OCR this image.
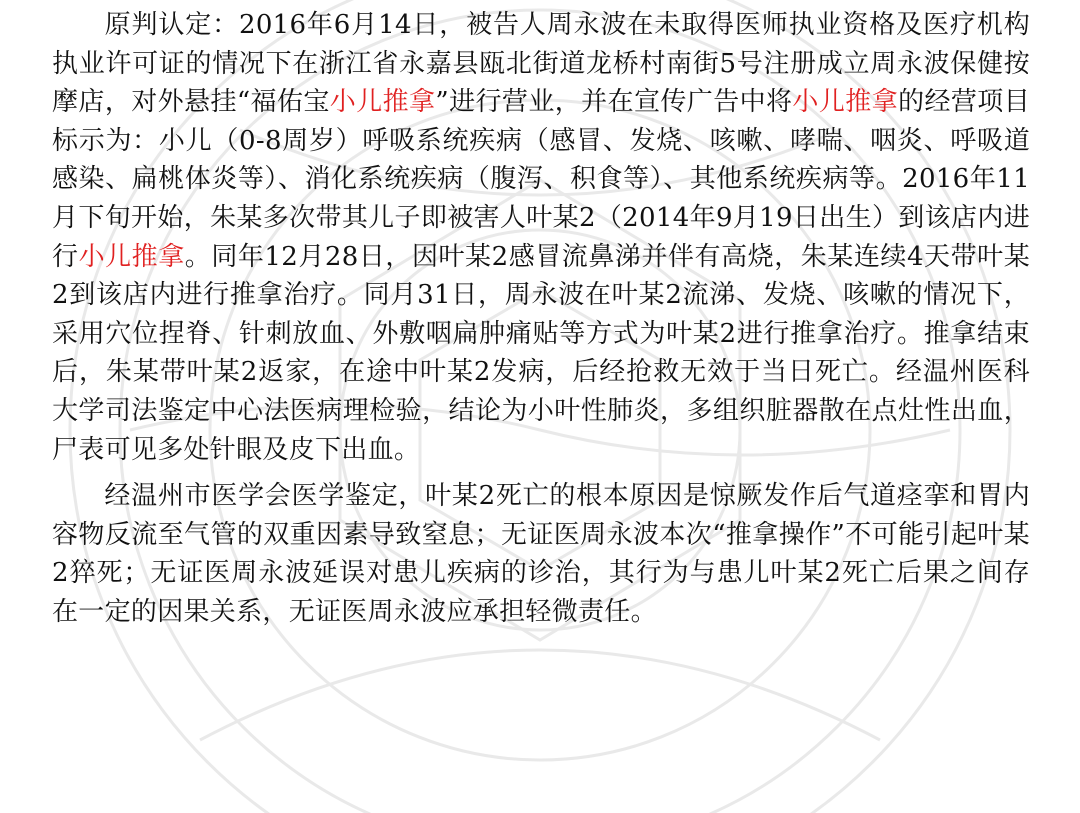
原判认定：2016年6月14日，被告人周永波在未取得医师执业资格及医疗机构执业许可证的情况下在浙江省永嘉县瓯北街道龙桥村南街5号注册成立周永波保健按摩店，对外悬挂“福佑宝小儿推拿”进行营业，并在宣传广告中将小儿推拿的经营项目标示为：小儿（0-8周岁）呼吸系统疾病（感冒、发烧、咳嗽、哮喘、咽炎、呼吸道感染、扁桃体炎等）、消化系统疾病（腹泻、积食等）、其他系统疾病等。2016年11月下旬开始，朱某多次带其儿子即被害人叶某2（2014年9月19日出生）到该店内进行小儿推拿。同年12月28日，因叶某2感冒流鼻涕并伴有高烧，朱某连续4天带叶某2到该店内进行推拿治疗。同月31日，周永波在叶某2流涕、发烧、咳嗽的情况下，采用穴位捏脊、针刺放血、外敷咽扁肿痛贴等方式为叶某2进行推拿治疗。推拿结束后，朱某带叶某2返家，在途中叶某2发病，后经抢救无效于当日死亡。经温州医科大学司法鉴定中心法医病理检验，结论为小叶性肺炎，多组织脏器散在点灶性出血，尸表可见多处针眼及皮下出血。

经温州市医学会医学鉴定，叶某2死亡的根本原因是惊厥发作后气道痉挛和胃内容物反流至气管的双重因素导致窒息；无证医周永波本次“推拿操作”不可能引起叶某2猝死；无证医周永波延误对患儿疾病的诊治，其行为与患儿叶某2死亡后果之间存在一定的因果关系，无证医周永波应承担轻微责任。
